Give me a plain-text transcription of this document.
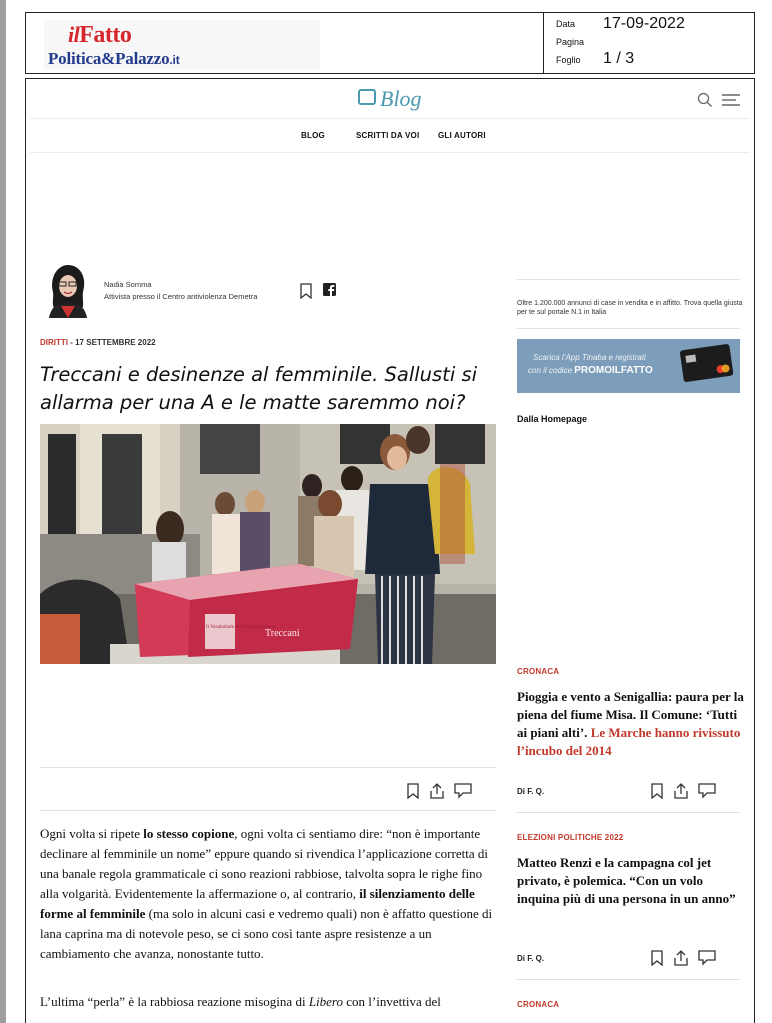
ilFatto
Politica&Palazzo.it
Data 17-09-2022
Pagina
Foglio 1 / 3
Blog
BLOG	SCRITTI DA VOI GLI AUTORI
Nadia Somma
Attivista presso il Centro antiviolenza Demetra
DIRITTI - 17 SETTEMBRE 2022
Treccani e desinenze al femminile. Sallusti si allarma per una A e le matte saremmo noi?
Treccani
Il Vocabolario della lingua italiana
Ogni volta si ripete lo stesso copione, ogni volta ci sentiamo dire: “non è importante declinare al femminile un nome” eppure quando si rivendica l’applicazione corretta di una banale regola grammaticale ci sono reazioni rabbiose, talvolta sopra le righe fino alla volgarità. Evidentemente la affermazione o, al contrario, il silenziamento delle forme al femminile (ma solo in alcuni casi e vedremo quali) non è affatto questione di lana caprina ma di notevole peso, se ci sono così tante aspre resistenze a un cambiamento che avanza, nonostante tutto.
L’ultima “perla” è la rabbiosa reazione misogina di Libero con l’invettiva del
Oltre 1.200.000 annunci di case in vendita e in affitto. Trova quella giusta per te sul portale N.1 in Italia
Scarica l’App Tinaba e registrati
con il codice PROMOILFATTO
Dalla Homepage
CRONACA
Pioggia e vento a Senigallia: paura per la piena del fiume Misa. Il Comune: ‘Tutti ai piani alti’. Le Marche hanno rivissuto l’incubo del 2014
Di F. Q.
ELEZIONI POLITICHE 2022
Matteo Renzi e la campagna col jet privato, è polemica. “Con un volo inquina più di una persona in un anno”
Di F. Q.
CRONACA
